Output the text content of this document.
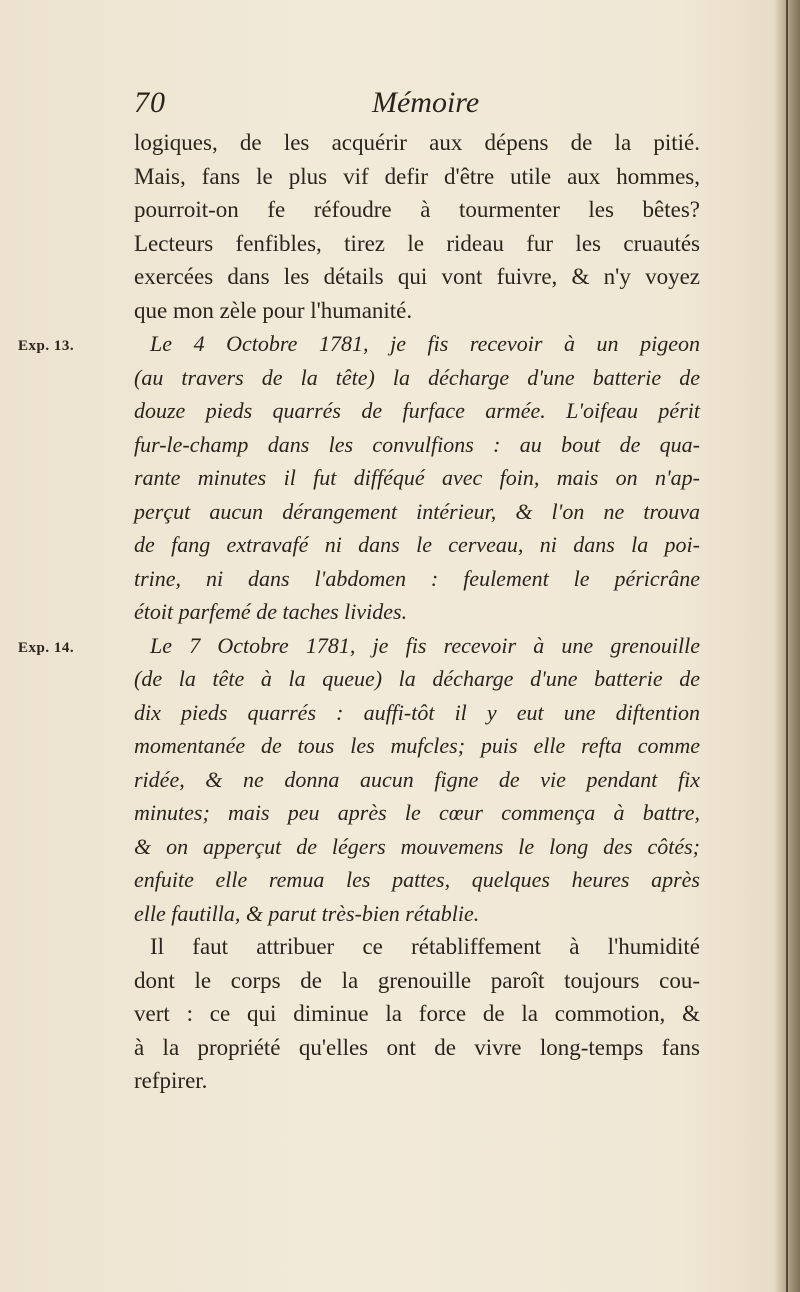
70	Mémoire
Exp. 13.
Exp. 14.
logiques, de les acquérir aux dépens de la pitié.
Mais, fans le plus vif defir d'être utile aux hommes,
pourroit-on fe réfoudre à tourmenter les bêtes?
Lecteurs fenfibles, tirez le rideau fur les cruautés
exercées dans les détails qui vont fuivre, & n'y voyez
que mon zèle pour l'humanité.
Le 4 Octobre 1781, je fis recevoir à un pigeon
(au travers de la tête) la décharge d'une batterie de
douze pieds quarrés de furface armée. L'oifeau périt
fur-le-champ dans les convulfions : au bout de qua-
rante minutes il fut difféqué avec foin, mais on n'ap-
perçut aucun dérangement intérieur, & l'on ne trouva
de fang extravafé ni dans le cerveau, ni dans la poi-
trine, ni dans l'abdomen : feulement le péricrâne
étoit parfemé de taches livides.
Le 7 Octobre 1781, je fis recevoir à une grenouille
(de la tête à la queue) la décharge d'une batterie de
dix pieds quarrés : auffi-tôt il y eut une diftention
momentanée de tous les mufcles; puis elle refta comme
ridée, & ne donna aucun figne de vie pendant fix
minutes; mais peu après le cœur commença à battre,
& on apperçut de légers mouvemens le long des côtés;
enfuite elle remua les pattes, quelques heures après
elle fautilla, & parut très-bien rétablie.
Il faut attribuer ce rétabliffement à l'humidité
dont le corps de la grenouille paroît toujours cou-
vert : ce qui diminue la force de la commotion, &
à la propriété qu'elles ont de vivre long-temps fans
refpirer.
